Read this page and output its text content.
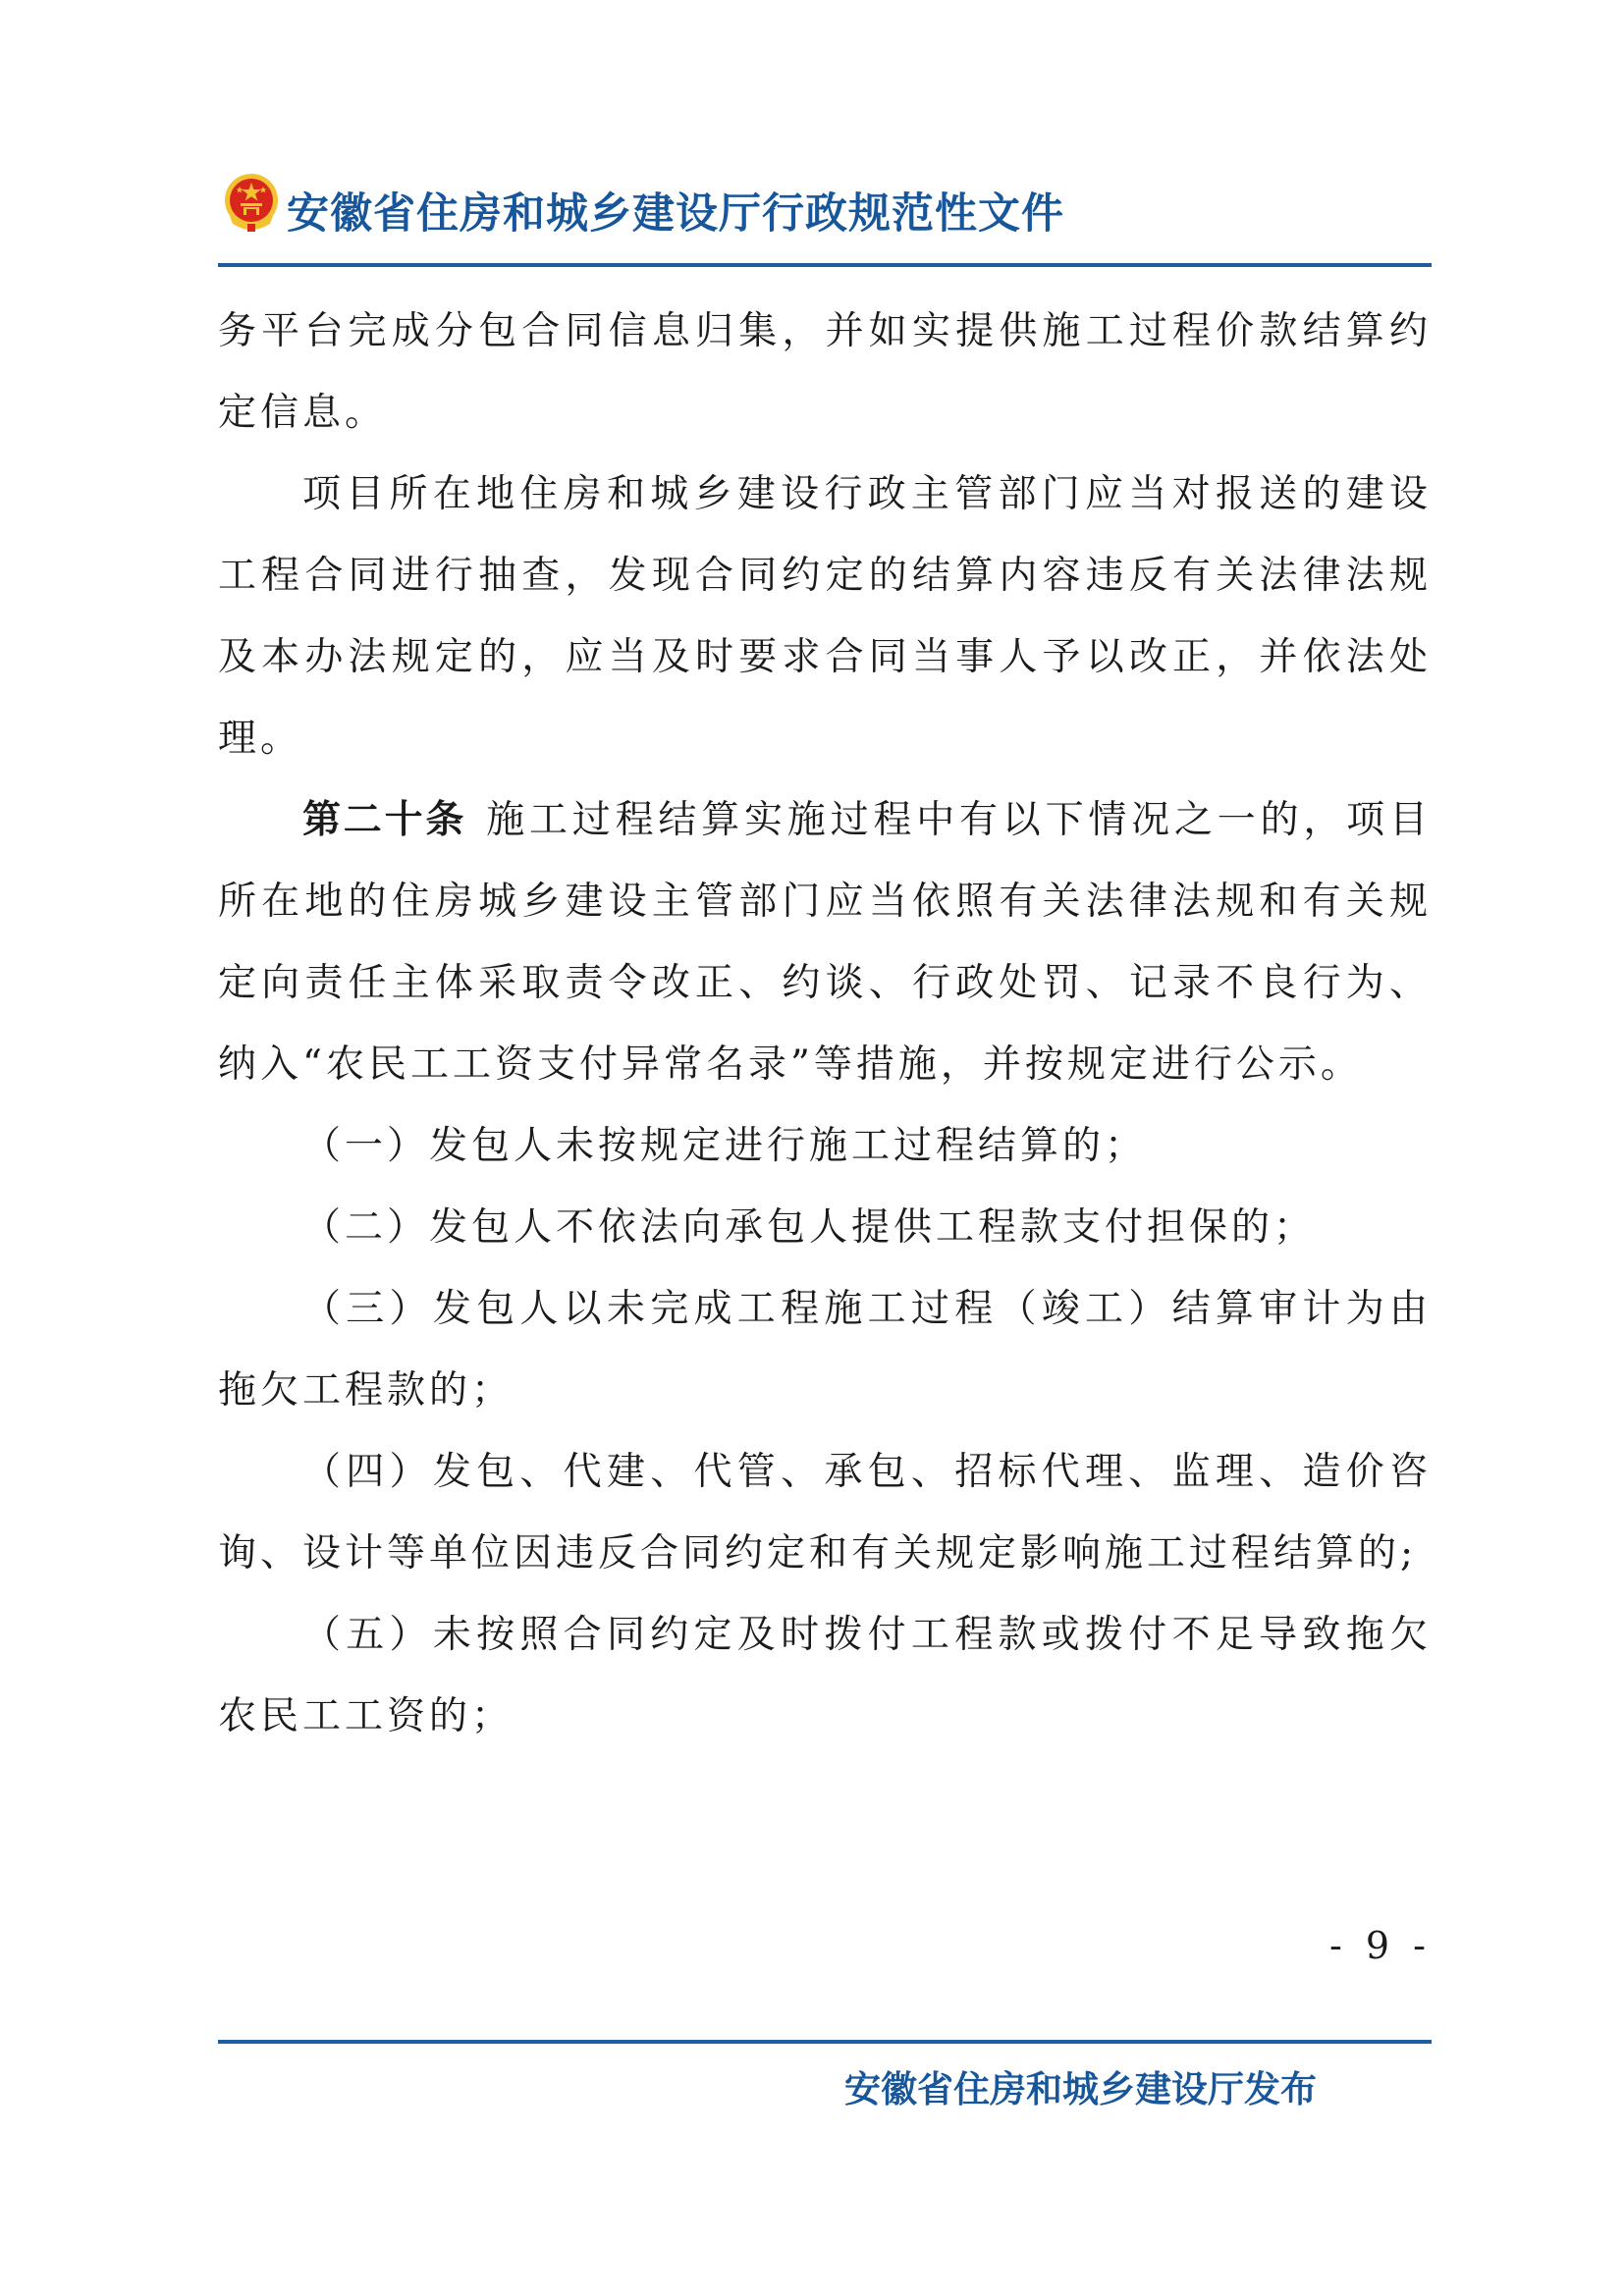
安徽省住房和城乡建设厅行政规范性文件

务平台完成分包合同信息归集，并如实提供施工过程价款结算约定信息。

项目所在地住房和城乡建设行政主管部门应当对报送的建设工程合同进行抽查，发现合同约定的结算内容违反有关法律法规及本办法规定的，应当及时要求合同当事人予以改正，并依法处理。

第二十条 施工过程结算实施过程中有以下情况之一的，项目所在地的住房城乡建设主管部门应当依照有关法律法规和有关规定向责任主体采取责令改正、约谈、行政处罚、记录不良行为、纳入“农民工工资支付异常名录”等措施，并按规定进行公示。

（一）发包人未按规定进行施工过程结算的；

（二）发包人不依法向承包人提供工程款支付担保的；

（三）发包人以未完成工程施工过程（竣工）结算审计为由拖欠工程款的；

（四）发包、代建、代管、承包、招标代理、监理、造价咨询、设计等单位因违反合同约定和有关规定影响施工过程结算的;

（五）未按照合同约定及时拨付工程款或拨付不足导致拖欠农民工工资的；

- 9 -
安徽省住房和城乡建设厅发布
